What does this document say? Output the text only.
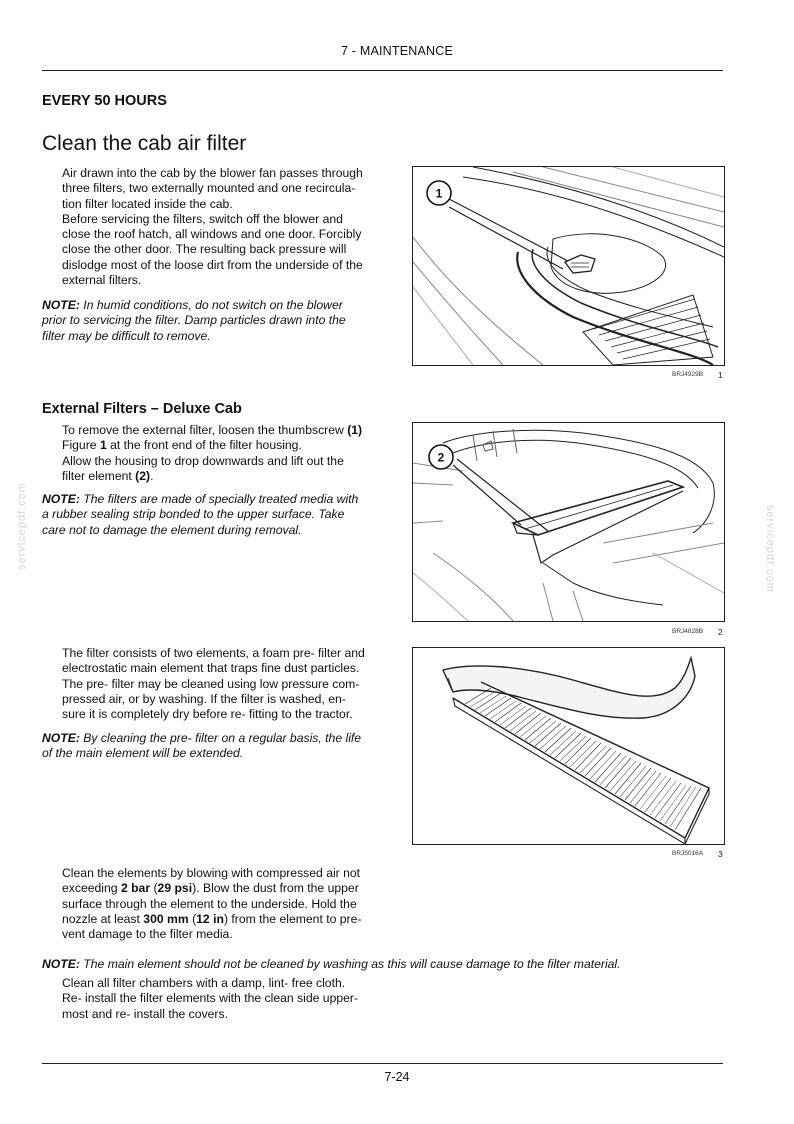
7 - MAINTENANCE
EVERY 50 HOURS
Clean the cab air filter
Air drawn into the cab by the blower fan passes through
three filters, two externally mounted and one recircula-
tion filter located inside the cab.
Before servicing the filters, switch off the blower and
close the roof hatch, all windows and one door. Forcibly
close the other door. The resulting back pressure will
dislodge most of the loose dirt from the underside of the
external filters.
NOTE: In humid conditions, do not switch on the blower
prior to servicing the filter. Damp particles drawn into the
filter may be difficult to remove.
1
BRJ4929B 1
External Filters – Deluxe Cab
To remove the external filter, loosen the thumbscrew (1)
Figure 1 at the front end of the filter housing.
Allow the housing to drop downwards and lift out the
filter element (2).
NOTE: The filters are made of specially treated media with
a rubber sealing strip bonded to the upper surface. Take
care not to damage the element during removal.
2
BRJ4828B 2
The filter consists of two elements, a foam pre- filter and
electrostatic main element that traps fine dust particles.
The pre- filter may be cleaned using low pressure com-
pressed air, or by washing. If the filter is washed, en-
sure it is completely dry before re- fitting to the tractor.
NOTE: By cleaning the pre- filter on a regular basis, the life
of the main element will be extended.
BRJ5016A 3
Clean the elements by blowing with compressed air not
exceeding 2 bar (29 psi). Blow the dust from the upper
surface through the element to the underside. Hold the
nozzle at least 300 mm (12 in) from the element to pre-
vent damage to the filter media.
NOTE: The main element should not be cleaned by washing as this will cause damage to the filter material.
Clean all filter chambers with a damp, lint- free cloth.
Re- install the filter elements with the clean side upper-
most and re- install the covers.
servicepdf.com	servicepdf.com
7-24
